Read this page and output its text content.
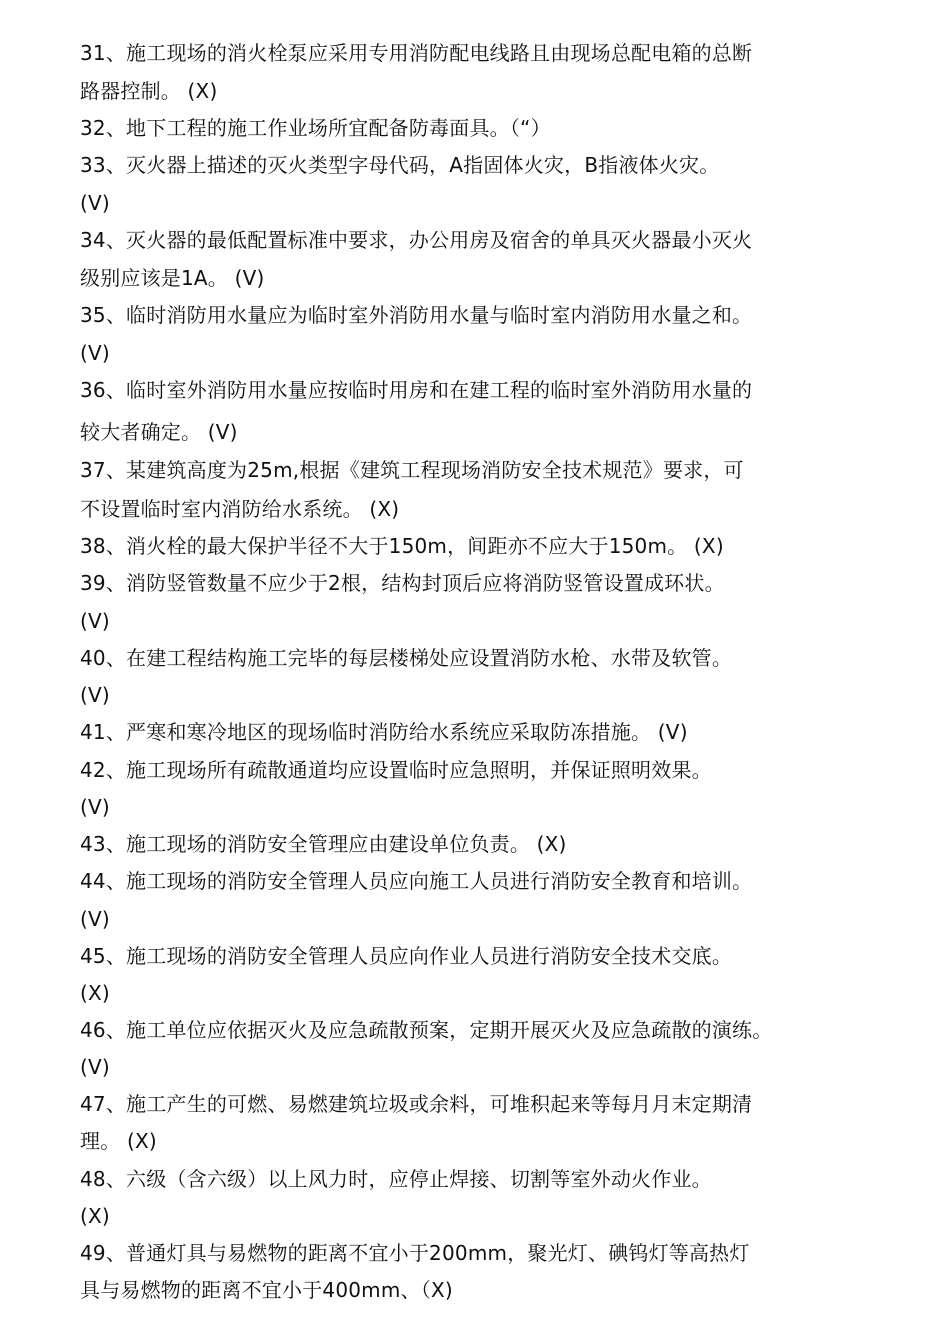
31、施工现场的消火栓泵应采用专用消防配电线路且由现场总配电箱的总断
路器控制。 (X)
32、地下工程的施工作业场所宜配备防毒面具。（“）
33、灭火器上描述的灭火类型字母代码，A指固体火灾，B指液体火灾。
(V)
34、灭火器的最低配置标准中要求，办公用房及宿舍的单具灭火器最小灭火
级别应该是1A。 (V)
35、临时消防用水量应为临时室外消防用水量与临时室内消防用水量之和。
(V)
36、临时室外消防用水量应按临时用房和在建工程的临时室外消防用水量的
较大者确定。 (V)
37、某建筑高度为25m,根据《建筑工程现场消防安全技术规范》要求，可
不设置临时室内消防给水系统。 (X)
38、消火栓的最大保护半径不大于150m，间距亦不应大于150m。 (X)
39、消防竖管数量不应少于2根，结构封顶后应将消防竖管设置成环状。
(V)
40、在建工程结构施工完毕的每层楼梯处应设置消防水枪、水带及软管。
(V)
41、严寒和寒冷地区的现场临时消防给水系统应采取防冻措施。 (V)
42、施工现场所有疏散通道均应设置临时应急照明，并保证照明效果。
(V)
43、施工现场的消防安全管理应由建设单位负责。 (X)
44、施工现场的消防安全管理人员应向施工人员进行消防安全教育和培训。
(V)
45、施工现场的消防安全管理人员应向作业人员进行消防安全技术交底。
(X)
46、施工单位应依据灭火及应急疏散预案，定期开展灭火及应急疏散的演练。
(V)
47、施工产生的可燃、易燃建筑垃圾或余料，可堆积起来等每月月末定期清
理。 (X)
48、六级（含六级）以上风力时，应停止焊接、切割等室外动火作业。
(X)
49、普通灯具与易燃物的距离不宜小于200mm，聚光灯、碘钨灯等高热灯
具与易燃物的距离不宜小于400mm、（X)
